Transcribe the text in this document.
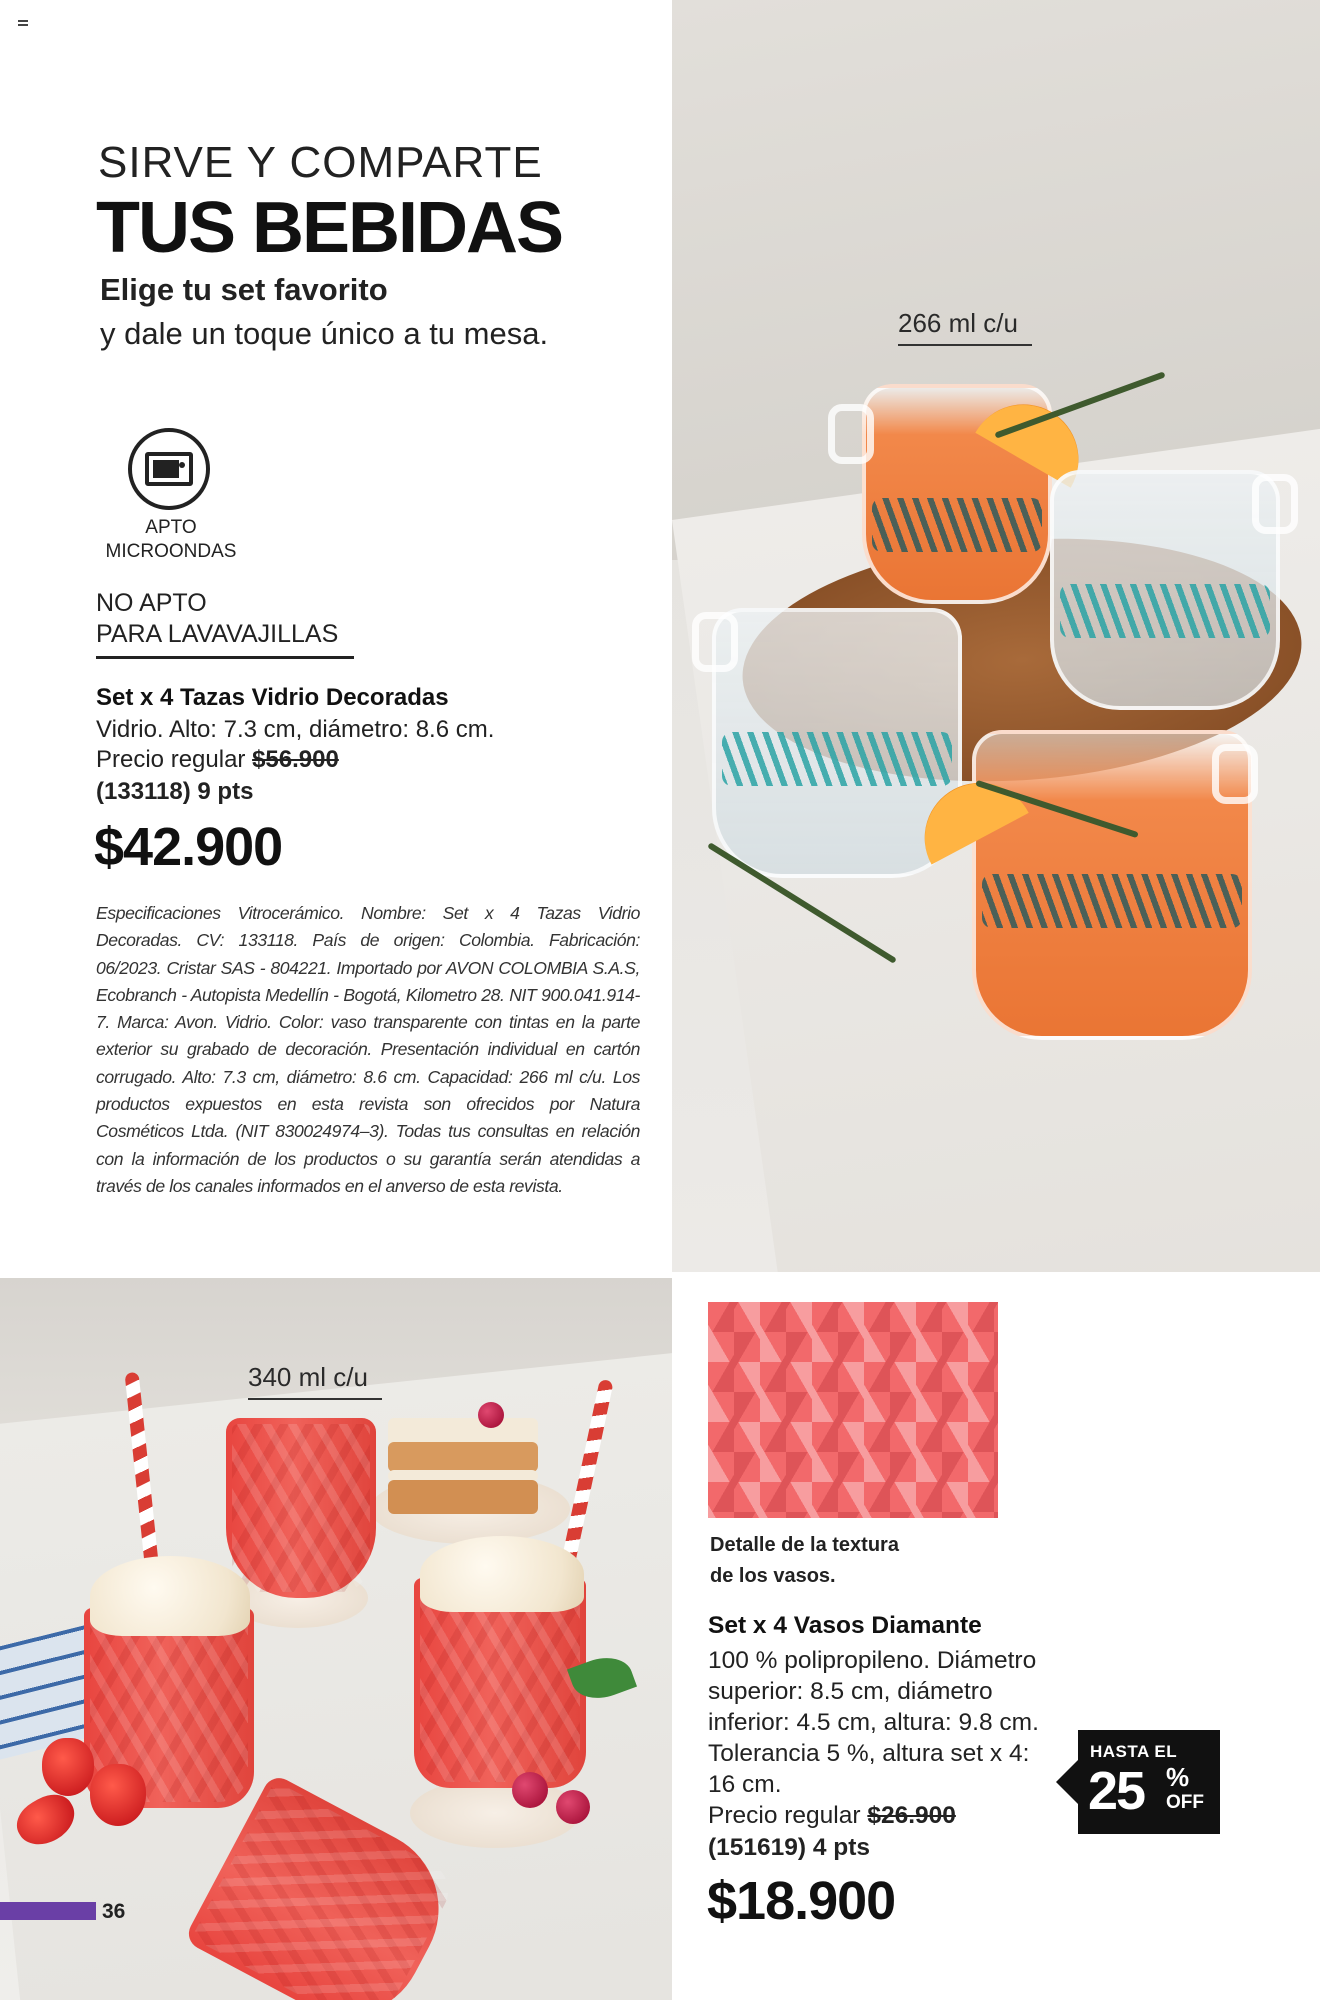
SIRVE Y COMPARTE
TUS BEBIDAS
Elige tu set favorito
y dale un toque único a tu mesa.
APTO
MICROONDAS
NO APTO
PARA LAVAVAJILLAS
Set x 4 Tazas Vidrio Decoradas
Vidrio. Alto: 7.3 cm, diámetro: 8.6 cm.
Precio regular $56.900
(133118) 9 pts
$42.900
Especificaciones Vitrocerámico. Nombre: Set x 4 Tazas Vidrio Decoradas. CV: 133118. País de origen: Colombia. Fabricación: 06/2023. Cristar SAS - 804221. Importado por AVON COLOMBIA S.A.S, Ecobranch - Autopista Medellín - Bogotá, Kilometro 28. NIT 900.041.914-7. Marca: Avon. Vidrio. Color: vaso transparente con tintas en la parte exterior su grabado de decoración. Presentación individual en cartón corrugado. Alto: 7.3 cm, diámetro: 8.6 cm. Capacidad: 266 ml c/u. Los productos expuestos en esta revista son ofrecidos por Natura Cosméticos Ltda. (NIT 830024974–3). Todas tus consultas en relación con la información de los productos o su garantía serán atendidas a través de los canales informados en el anverso de esta revista.
266 ml c/u
340 ml c/u
Detalle de la textura
de los vasos.
Set x 4 Vasos Diamante
100 % polipropileno. Diámetro superior: 8.5 cm, diámetro inferior: 4.5 cm, altura: 9.8 cm. Tolerancia 5 %, altura set x 4: 16 cm.
Precio regular $26.900
(151619) 4 pts
$18.900
HASTA EL
25 %
OFF
36
